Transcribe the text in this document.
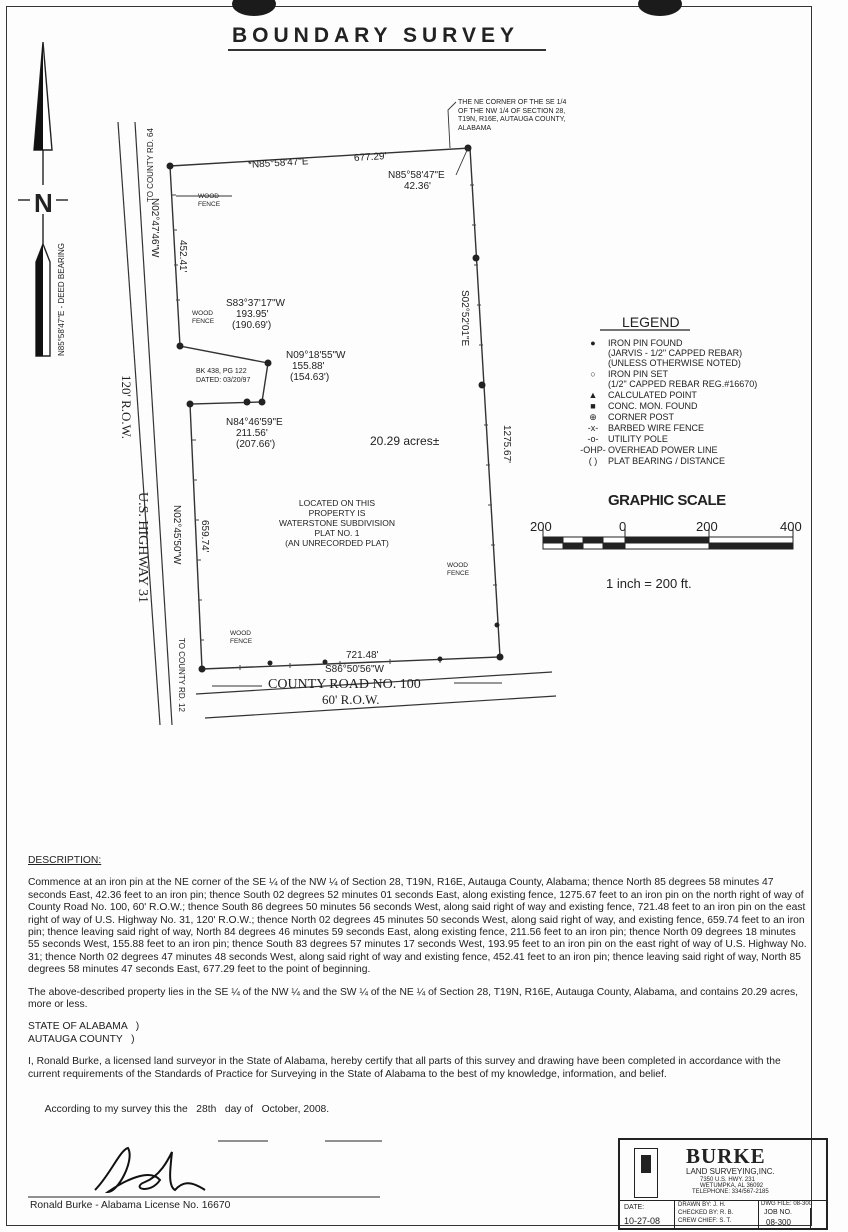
BOUNDARY SURVEY
N
N85°58'47"E - DEED BEARING
THE NE CORNER OF THE SE 1/4 OF THE NW 1/4 OF SECTION 28, T19N, R16E, AUTAUGA COUNTY, ALABAMA
TO COUNTY RD. 64
U.S. HIGHWAY 31
120' R.O.W.
TO COUNTY RD. 12	COUNTY ROAD NO. 100
60' R.O.W.
*N85°58'47"E	677.29'
N85°58'47"E
42.36'
S02°52'01"E
1275.67'
N02°47'46"W 452.41'
N02°45'50"W 659.74'
721.48'
S86°50'56"W
S83°37'17"W
193.95'
(190.69')
N09°18'55"W
155.88'
(154.63')
N84°46'59"E
211.56'
(207.66')
WOOD FENCE
WOOD FENCE
WOOD FENCE
WOOD FENCE
BK 438, PG 122
DATED: 03/20/97
20.29 acres±
LOCATED ON THIS
PROPERTY IS
WATERSTONE SUBDIVISION
PLAT NO. 1
(AN UNRECORDED PLAT)
LEGEND
●	IRON PIN FOUND
(JARVIS - 1/2" CAPPED REBAR)
(UNLESS OTHERWISE NOTED)
○	IRON PIN SET
(1/2" CAPPED REBAR REG.#16670)
▲	CALCULATED POINT
■	CONC. MON. FOUND
⊕	CORNER POST
-x-	BARBED WIRE FENCE
-o-	UTILITY POLE
-OHP- OVERHEAD POWER LINE
( )	PLAT BEARING / DISTANCE
GRAPHIC SCALE
200	0	200	400
1 inch = 200 ft.
DESCRIPTION:

Commence at an iron pin at the NE corner of the SE ¼ of the NW ¼ of Section 28, T19N, R16E, Autauga County, Alabama; thence North 85 degrees 58 minutes 47 seconds East, 42.36 feet to an iron pin; thence South 02 degrees 52 minutes 01 seconds East, along existing fence, 1275.67 feet to an iron pin on the north right of way of County Road No. 100, 60' R.O.W.; thence South 86 degrees 50 minutes 56 seconds West, along said right of way and existing fence, 721.48 feet to an iron pin on the east right of way of U.S. Highway No. 31, 120' R.O.W.; thence North 02 degrees 45 minutes 50 seconds West, along said right of way, and existing fence, 659.74 feet to an iron pin; thence leaving said right of way, North 84 degrees 46 minutes 59 seconds East, along existing fence, 211.56 feet to an iron pin; thence North 09 degrees 18 minutes 55 seconds West, 155.88 feet to an iron pin; thence South 83 degrees 57 minutes 17 seconds West, 193.95 feet to an iron pin on the east right of way of U.S. Highway No. 31; thence North 02 degrees 47 minutes 48 seconds West, along said right of way and existing fence, 452.41 feet to an iron pin; thence leaving said right of way, North 85 degrees 58 minutes 47 seconds East, 677.29 feet to the point of beginning.

The above-described property lies in the SE ¼ of the NW ¼ and the SW ¼ of the NE ¼ of Section 28, T19N, R16E, Autauga County, Alabama, and contains 20.29 acres, more or less.

STATE OF ALABAMA   )
AUTAUGA COUNTY   )

I, Ronald Burke, a licensed land surveyor in the State of Alabama, hereby certify that all parts of this survey and drawing have been completed in accordance with the current requirements of the Standards of Practice for Surveying in the State of Alabama to the best of my knowledge, information, and belief.

According to my survey this the 28th day of October, 2008.

Ronald Burke - Alabama License No. 16670
BURKE
LAND SURVEYING,INC.
7350 U.S. HWY. 231
WETUMPKA, AL 36092
TELEPHONE: 334/567-2185
DRAWN BY: J. H.
CHECKED BY: R. B.
CREW CHIEF: S. T.
DATE:
10-27-08
DWG FILE: 08-300
JOB NO.
08-300
